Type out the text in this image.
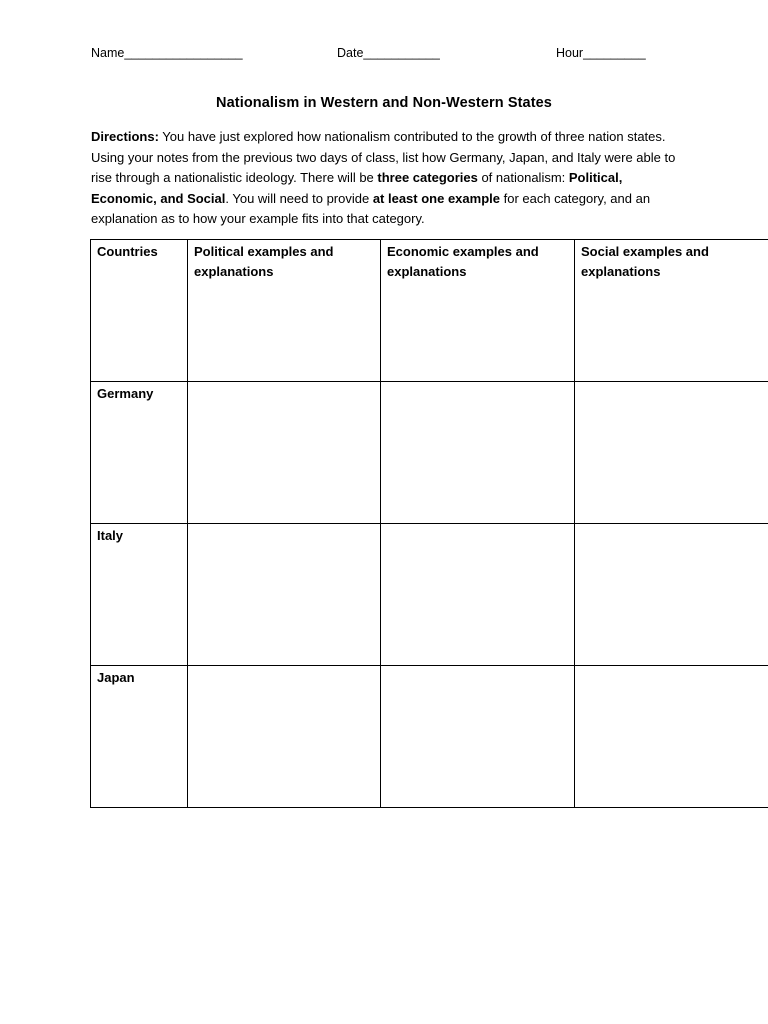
Name_________________	Date___________	Hour_________
Nationalism in Western and Non-Western States

Directions: You have just explored how nationalism contributed to the growth of three nation states. Using your notes from the previous two days of class, list how Germany, Japan, and Italy were able to rise through a nationalistic ideology. There will be three categories of nationalism: Political, Economic, and Social. You will need to provide at least one example for each category, and an explanation as to how your example fits into that category.

Countries	Political examples and explanations	Economic examples and explanations	Social examples and explanations
Germany			
Italy			
Japan			
